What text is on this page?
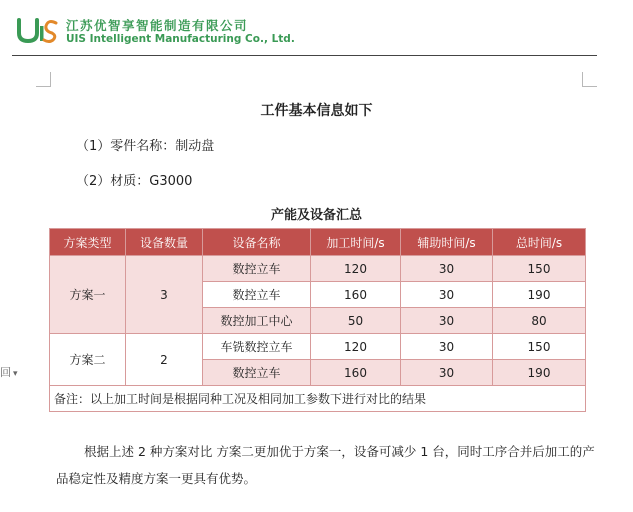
江苏优智享智能制造有限公司
UIS Intelligent Manufacturing Co., Ltd.
工件基本信息如下
（1）零件名称：制动盘
（2）材质：G3000
产能及设备汇总
方案类型	设备数量	设备名称	加工时间/s	辅助时间/s	总时间/s
方案一	3	数控立车	120	30	150
		数控立车	160	30	190
		数控加工中心	50	30	80
方案二	2	车铣数控立车	120	30	150
		数控立车	160	30	190
备注：以上加工时间是根据同种工况及相同加工参数下进行对比的结果					
回 ▾
根据上述 2 种方案对比 方案二更加优于方案一，设备可减少 1 台，同时工序合并后加工的产品稳定性及精度方案一更具有优势。
